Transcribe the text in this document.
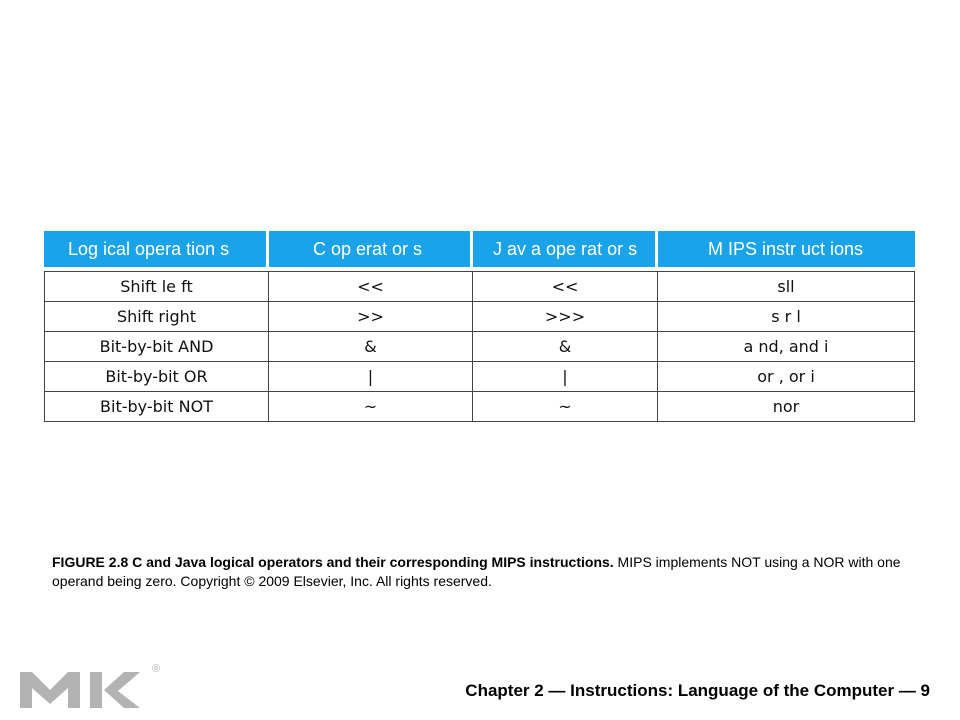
Log ical opera tion s	C op erat or s	J av a ope rat or s	M IPS instr uct ions
Shift le ft	<<	<<	sll
Shift right	>>	>>>	s r l
Bit-by-bit AND	&	&	a nd, and i
Bit-by-bit OR	|	|	or , or i
Bit-by-bit NOT	~	~	nor
FIGURE 2.8 C and Java logical operators and their corresponding MIPS instructions. MIPS implements NOT using a NOR with one operand being zero. Copyright © 2009 Elsevier, Inc. All rights reserved.
®
Chapter 2 — Instructions: Language of the Computer — 9
